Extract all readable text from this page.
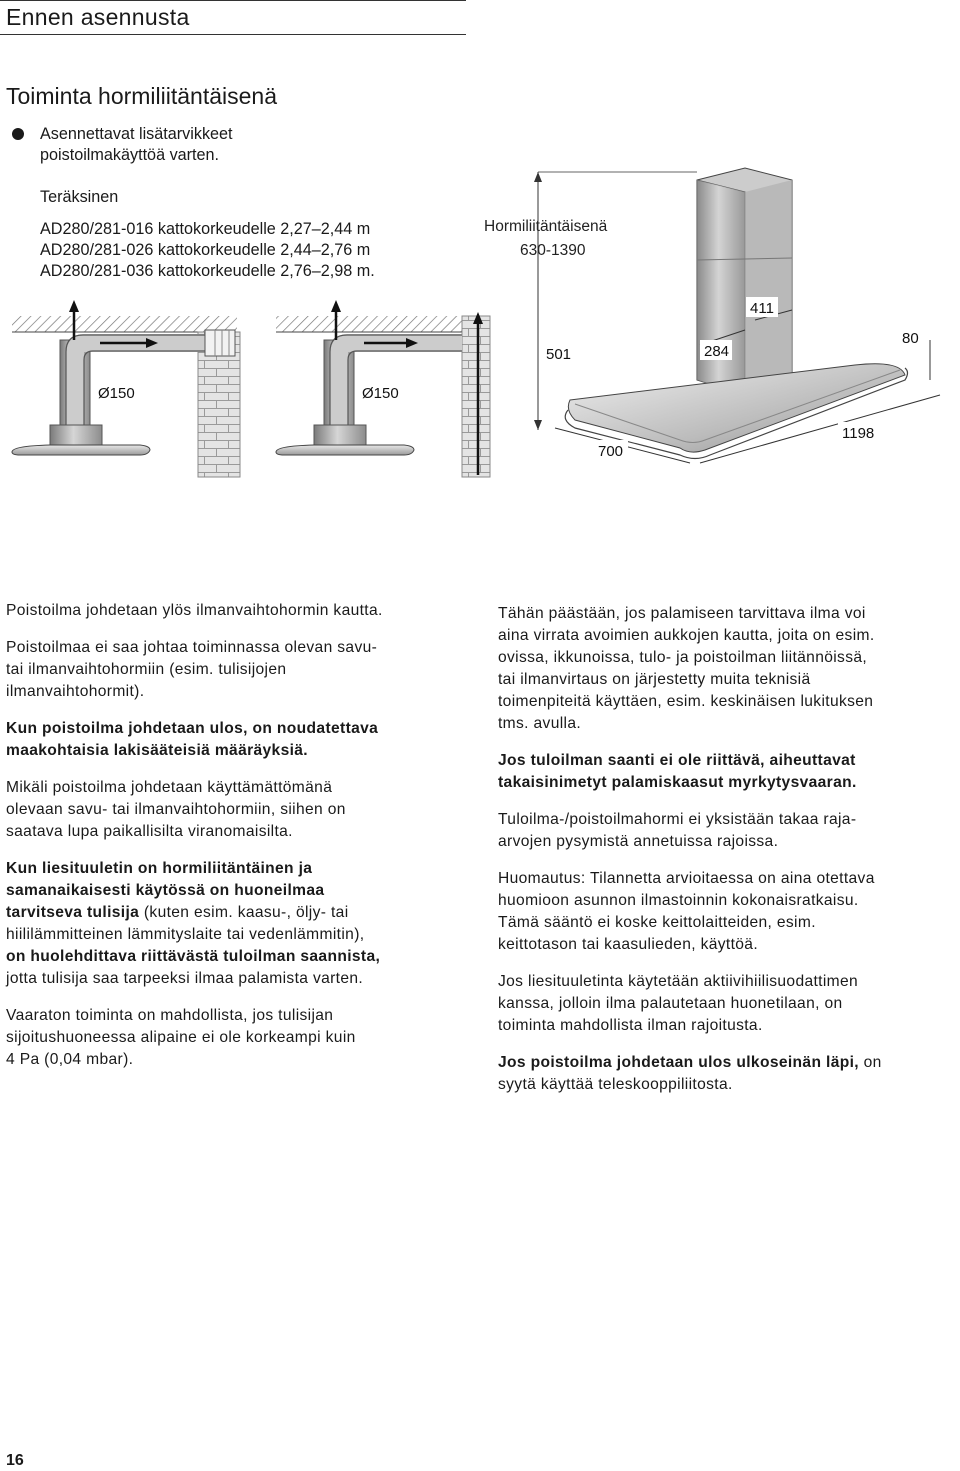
Ennen asennusta
Toiminta hormiliitäntäisenä

Asennettavat lisätarvikkeet

poistoilmakäyttöä varten.

Teräksinen

AD280/281-016 kattokorkeudelle 2,27–2,44 m
AD280/281-026 kattokorkeudelle 2,44–2,76 m
AD280/281-036 kattokorkeudelle 2,76–2,98 m.
Ø150	Ø150
Hormiliitäntäisenä
630-1390
501
411
284
80
700
1198

Poistoilma johdetaan ylös ilmanvaihtohormin kautta.

Poistoilmaa ei saa johtaa toiminnassa olevan savu-
tai ilmanvaihtohormiin (esim. tulisijojen
ilmanvaihtohormit).

Kun poistoilma johdetaan ulos, on noudatettava
maakohtaisia lakisääteisiä määräyksiä.

Mikäli poistoilma johdetaan käyttämättömänä
olevaan savu- tai ilmanvaihtohormiin, siihen on
saatava lupa paikallisilta viranomaisilta.

Kun liesituuletin on hormiliitäntäinen ja
samanaikaisesti käytössä on huoneilmaa
tarvitseva tulisija (kuten esim. kaasu-, öljy- tai
hiililämmitteinen lämmityslaite tai vedenlämmitin),
on huolehdittava riittävästä tuloilman saannista,
jotta tulisija saa tarpeeksi ilmaa palamista varten.

Vaaraton toiminta on mahdollista, jos tulisijan
sijoitushuoneessa alipaine ei ole korkeampi kuin
4 Pa (0,04 mbar).

Tähän päästään, jos palamiseen tarvittava ilma voi
aina virrata avoimien aukkojen kautta, joita on esim.
ovissa, ikkunoissa, tulo- ja poistoilman liitännöissä,
tai ilmanvirtaus on järjestetty muita teknisiä
toimenpiteitä käyttäen, esim. keskinäisen lukituksen
tms. avulla.

Jos tuloilman saanti ei ole riittävä, aiheuttavat
takaisinimetyt palamiskaasut myrkytysvaaran.

Tuloilma-/poistoilmahormi ei yksistään takaa raja-
arvojen pysymistä annetuissa rajoissa.

Huomautus: Tilannetta arvioitaessa on aina otettava
huomioon asunnon ilmastoinnin kokonaisratkaisu.
Tämä sääntö ei koske keittolaitteiden, esim.
keittotason tai kaasulieden, käyttöä.

Jos liesituuletinta käytetään aktiivihiilisuodattimen
kanssa, jolloin ilma palautetaan huonetilaan, on
toiminta mahdollista ilman rajoitusta.

Jos poistoilma johdetaan ulos ulkoseinän läpi, on
syytä käyttää teleskooppiliitosta.

16
